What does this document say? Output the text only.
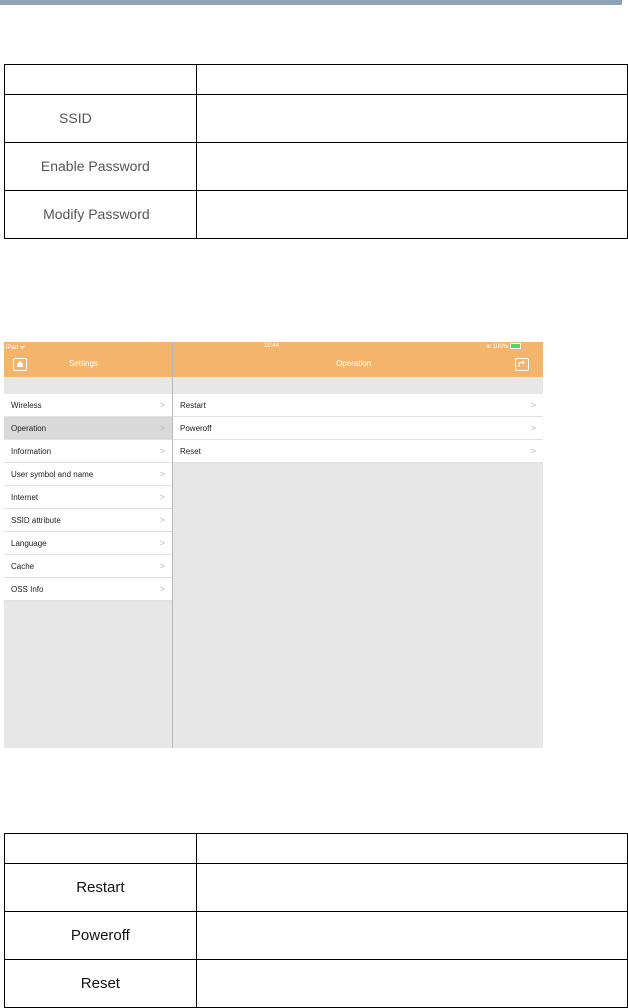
SSID	
Enable Password	
Modify Password	
iPad ᯤ	10:44	⊛ 100%
Settings	Operation
Wireless	>
Operation	>
Information	>
User symbol and name	>
Internet	>
SSID attribute	>
Language	>
Cache	>
OSS Info	>
Restart	>
Poweroff	>
Reset	>

Restart	
Poweroff	
Reset	
